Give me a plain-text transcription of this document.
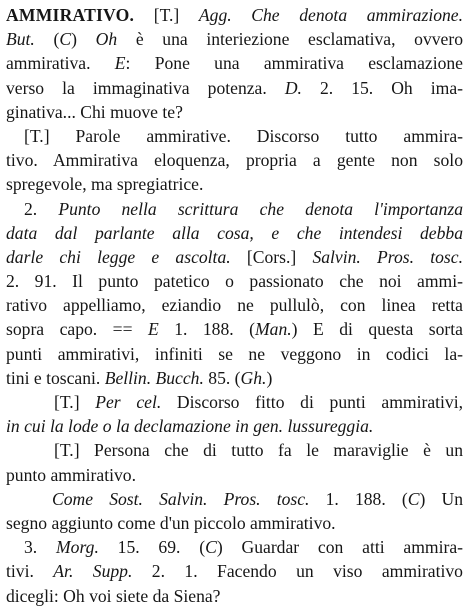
AMMIRATIVO. [T.] Agg. Che denota ammirazione.
But. (C) Oh è una interiezione esclamativa, ovvero
ammirativa. E: Pone una ammirativa esclamazione
verso la immaginativa potenza. D. 2. 15. Oh ima-
ginativa... Chi muove te?
[T.] Parole ammirative. Discorso tutto ammira-
tivo. Ammirativa eloquenza, propria a gente non solo
spregevole, ma spregiatrice.
2. Punto nella scrittura che denota l'importanza
data dal parlante alla cosa, e che intendesi debba
darle chi legge e ascolta. [Cors.] Salvin. Pros. tosc.
2. 91. Il punto patetico o passionato che noi ammi-
rativo appelliamo, eziandio ne pullulò, con linea retta
sopra capo. == E 1. 188. (Man.) E di questa sorta
punti ammirativi, infiniti se ne veggono in codici la-
tini e toscani. Bellin. Bucch. 85. (Gh.)
[T.] Per cel. Discorso fitto di punti ammirativi,
in cui la lode o la declamazione in gen. lussureggia.
[T.] Persona che di tutto fa le maraviglie è un
punto ammirativo.
Come Sost. Salvin. Pros. tosc. 1. 188. (C) Un
segno aggiunto come d'un piccolo ammirativo.
3. Morg. 15. 69. (C) Guardar con atti ammira-
tivi. Ar. Supp. 2. 1. Facendo un viso ammirativo
dicegli: Oh voi siete da Siena?
